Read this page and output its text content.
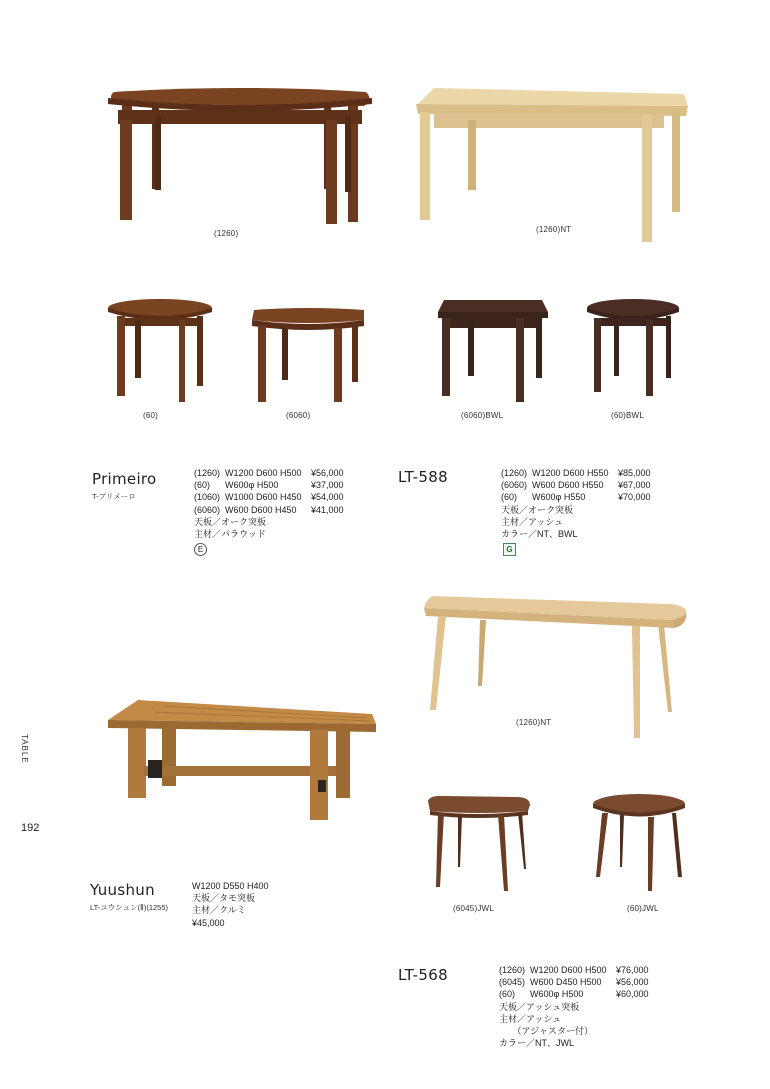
(1260)	(1260)NT
(60)	(6060)	(6060)BWL	(60)BWL
Primeiro
T-プリメーロ
(1260) W1200 D600 H500 ¥56,000
(60) W600φ H500	¥37,000
(1060) W1000 D600 H450 ¥54,000
(6060) W600 D600 H450 ¥41,000
天板／オーク突板
主材／パラウッド
E
LT-588	(1260) W1200 D600 H550 ¥85,000
(6060) W600 D600 H550 ¥67,000
(60) W600φ H550	¥70,000
天板／オーク突板
主材／アッシュ
カラー／NT、BWL
G
(1260)NT
(6045)JWL	(60)JWL
Yuushun
LT-ユウシュン(Ⅱ)(1255)
W1200 D550 H400
天板／タモ突板
主材／クルミ
¥45,000
LT-568	(1260) W1200 D600 H500 ¥76,000
(6045) W600 D450 H500 ¥56,000
(60) W600φ H500	¥60,000
天板／アッシュ突板
主材／アッシュ
　　（アジャスター付）
カラー／NT、JWL
TABLE
192
